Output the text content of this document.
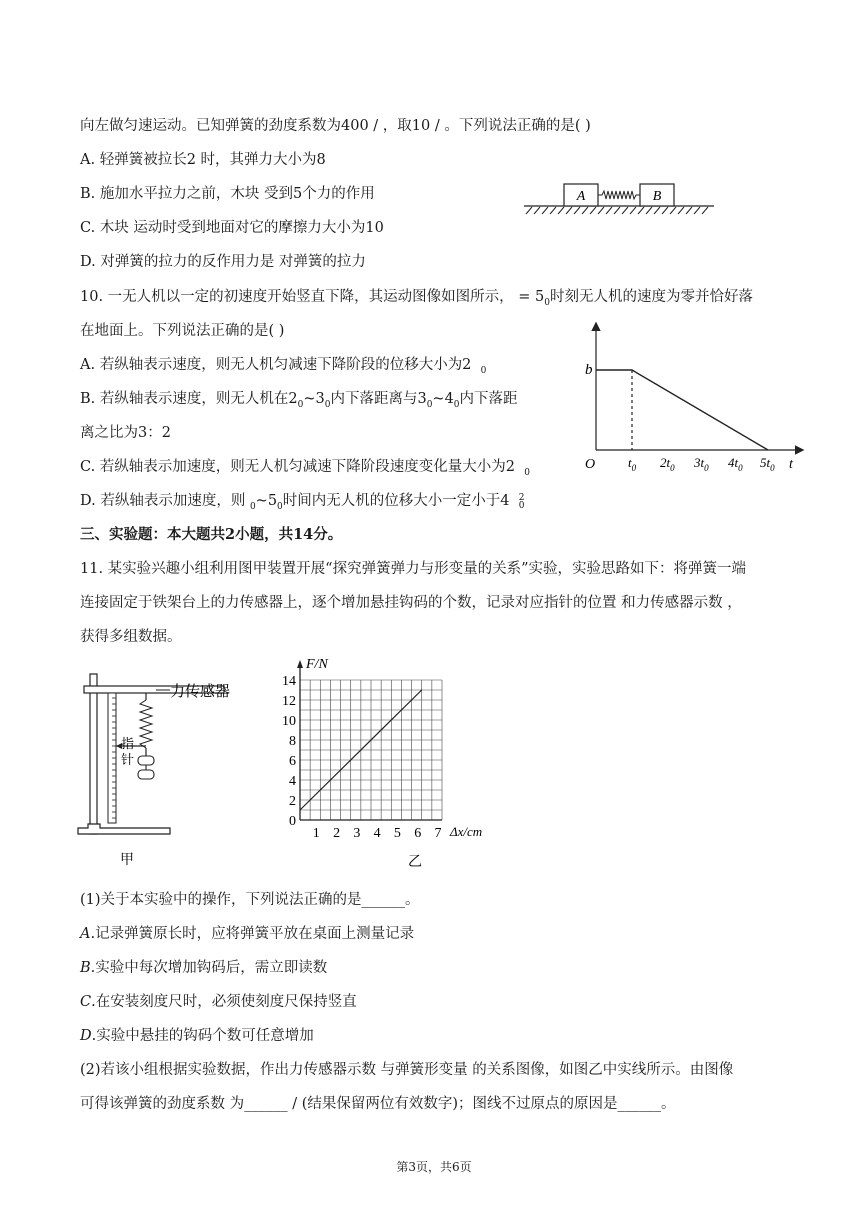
向左做匀速运动。已知弹簧的劲度系数为400 / ，取10 / 。下列说法正确的是( )
A. 轻弹簧被拉长2 时，其弹力大小为8
B. 施加水平拉力之前，木块 受到5个力的作用
C. 木块 运动时受到地面对它的摩擦力大小为10
D. 对弹簧的拉力的反作用力是 对弹簧的拉力
A	B
10. 一无人机以一定的初速度开始竖直下降，其运动图像如图所示， = $5_0$时刻无人机的速度为零并恰好落
在地面上。下列说法正确的是( )
A. 若纵轴表示速度，则无人机匀减速下降阶段的位移大小为2 $_0$
B. 若纵轴表示速度，则无人机在$2_0\sim 3_0$内下落距离与$3_0\sim 4_0$内下落距
离之比为3：2
C. 若纵轴表示加速度，则无人机匀减速下降阶段速度变化量大小为2 $_0$
D. 若纵轴表示加速度，则 $_0\sim 5_0$时间内无人机的位移大小一定小于4 $^2$
0
b
O	t
$t_0$ $2t_0$ $3t_0$ $4t_0$ $5t_0$
三、实验题：本大题共2小题，共14分。
11. 某实验兴趣小组利用图甲装置开展“探究弹簧弹力与形变量的关系”实验，实验思路如下：将弹簧一端
连接固定于铁架台上的力传感器上，逐个增加悬挂钩码的个数，记录对应指针的位置 和力传感器示数 ，
获得多组数据。
力传感器
指
针
甲
0
2
4
6
8
10
12
14
1 2 3 4 5 6 7
F/N
Δx/cm
乙
(1)关于本实验中的操作，下列说法正确的是______。
A.记录弹簧原长时，应将弹簧平放在桌面上测量记录
B.实验中每次增加钩码后，需立即读数
C.在安装刻度尺时，必须使刻度尺保持竖直
D.实验中悬挂的钩码个数可任意增加
(2)若该小组根据实验数据，作出力传感器示数 与弹簧形变量 的关系图像，如图乙中实线所示。由图像
可得该弹簧的劲度系数 为______ / (结果保留两位有效数字)；图线不过原点的原因是______。
第3页，共6页
